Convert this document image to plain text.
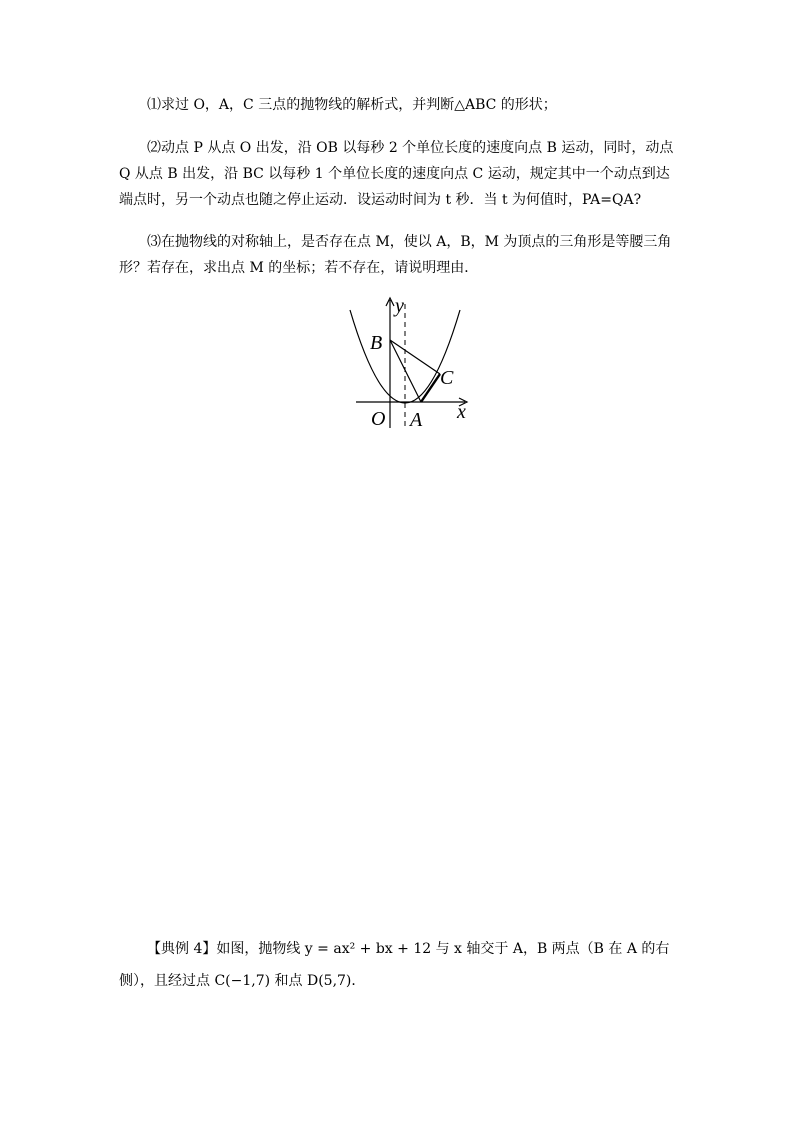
⑴求过 O，A，C 三点的抛物线的解析式，并判断△ABC 的形状；
⑵动点 P 从点 O 出发，沿 OB 以每秒 2 个单位长度的速度向点 B 运动，同时，动点 Q 从点 B 出发，沿 BC 以每秒 1 个单位长度的速度向点 C 运动，规定其中一个动点到达端点时，另一个动点也随之停止运动．设运动时间为 t 秒．当 t 为何值时，PA=QA?
⑶在抛物线的对称轴上，是否存在点 M，使以 A，B，M 为顶点的三角形是等腰三角形？若存在，求出点 M 的坐标；若不存在，请说明理由．
y
x
O A
B
C
【典例 4】如图，抛物线 y = ax² + bx + 12 与 x 轴交于 A，B 两点（B 在 A 的右侧），且经过点 C(−1,7) 和点 D(5,7)．
